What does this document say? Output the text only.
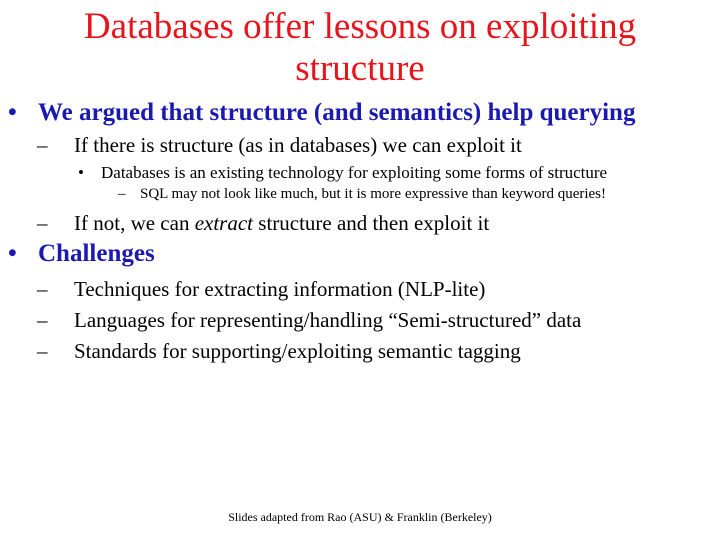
Databases offer lessons on exploiting
structure
• We argued that structure (and semantics) help querying
– If there is structure (as in databases) we can exploit it
• Databases is an existing technology for exploiting some forms of structure
– SQL may not look like much, but it is more expressive than keyword queries!
– If not, we can extract structure and then exploit it
• Challenges
– Techniques for extracting information (NLP-lite)
– Languages for representing/handling “Semi-structured” data
– Standards for supporting/exploiting semantic tagging
Slides adapted from Rao (ASU) & Franklin (Berkeley)
